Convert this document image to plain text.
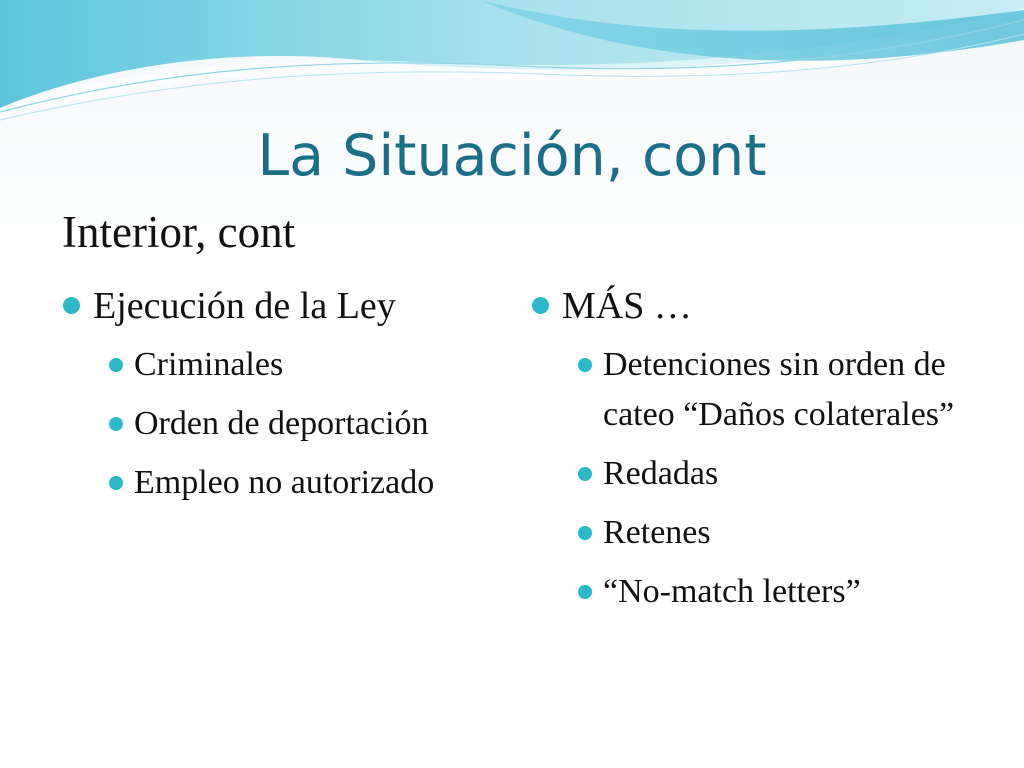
La Situación, cont
Interior, cont
Ejecución de la Ley
Criminales
Orden de deportación
Empleo no autorizado
MÁS …
Detenciones sin orden de cateo “Daños colaterales”
Redadas
Retenes
“No-match letters”
